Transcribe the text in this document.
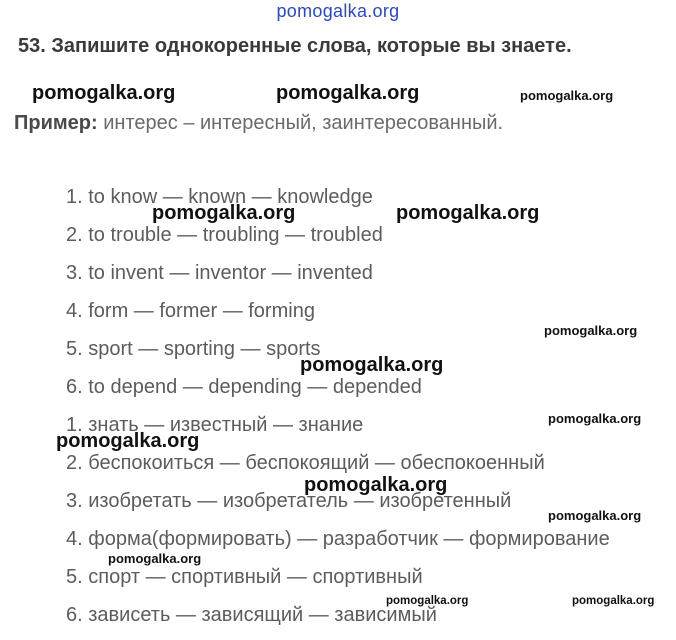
pomogalka.org
53. Запишите однокоренные слова, которые вы знаете.
Пример: интерес – интересный, заинтересованный.
1. to know — known — knowledge
2. to trouble — troubling — troubled
3. to invent — inventor — invented
4. form — former — forming
5. sport — sporting — sports
6. to depend — depending — depended
1. знать — известный — знание
2. беспокоиться — беспокоящий — обеспокоенный
3. изобретать — изобретатель — изобретенный
4. форма(формировать) — разработчик — формирование
5. спорт — спортивный — спортивный
6. зависеть — зависящий — зависимый
pomogalka.org	pomogalka.org	pomogalka.org
pomogalka.org	pomogalka.org
pomogalka.org
pomogalka.org
pomogalka.org
pomogalka.org
pomogalka.org
pomogalka.org
pomogalka.org
pomogalka.org	pomogalka.org
